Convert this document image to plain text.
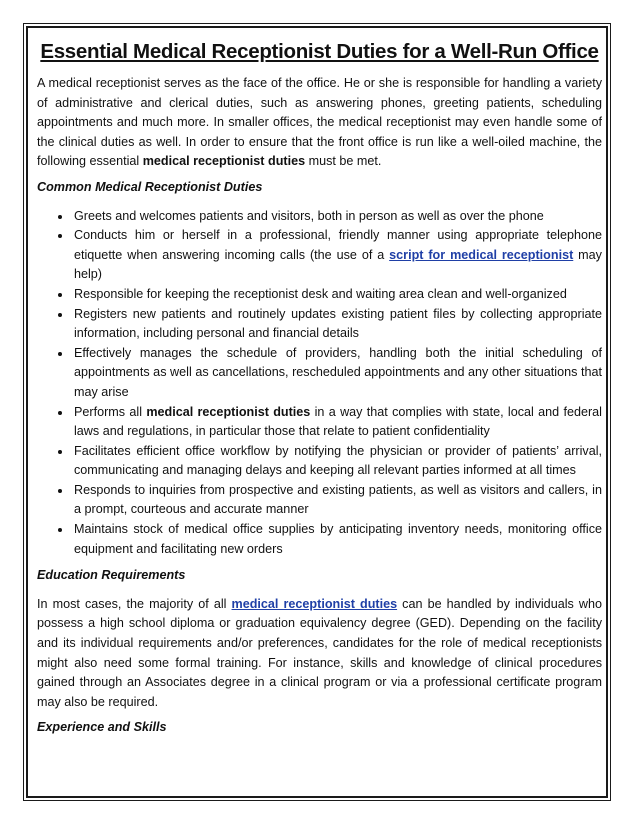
Essential Medical Receptionist Duties for a Well-Run Office

A medical receptionist serves as the face of the office. He or she is responsible for handling a variety of administrative and clerical duties, such as answering phones, greeting patients, scheduling appointments and much more. In smaller offices, the medical receptionist may even handle some of the clinical duties as well. In order to ensure that the front office is run like a well-oiled machine, the following essential medical receptionist duties must be met.

Common Medical Receptionist Duties

• Greets and welcomes patients and visitors, both in person as well as over the phone
• Conducts him or herself in a professional, friendly manner using appropriate telephone etiquette when answering incoming calls (the use of a script for medical receptionist may help)
• Responsible for keeping the receptionist desk and waiting area clean and well-organized
• Registers new patients and routinely updates existing patient files by collecting appropriate information, including personal and financial details
• Effectively manages the schedule of providers, handling both the initial scheduling of appointments as well as cancellations, rescheduled appointments and any other situations that may arise
• Performs all medical receptionist duties in a way that complies with state, local and federal laws and regulations, in particular those that relate to patient confidentiality
• Facilitates efficient office workflow by notifying the physician or provider of patients’ arrival, communicating and managing delays and keeping all relevant parties informed at all times
• Responds to inquiries from prospective and existing patients, as well as visitors and callers, in a prompt, courteous and accurate manner
• Maintains stock of medical office supplies by anticipating inventory needs, monitoring office equipment and facilitating new orders

Education Requirements

In most cases, the majority of all medical receptionist duties can be handled by individuals who possess a high school diploma or graduation equivalency degree (GED). Depending on the facility and its individual requirements and/or preferences, candidates for the role of medical receptionists might also need some formal training. For instance, skills and knowledge of clinical procedures gained through an Associates degree in a clinical program or via a professional certificate program may also be required.

Experience and Skills
